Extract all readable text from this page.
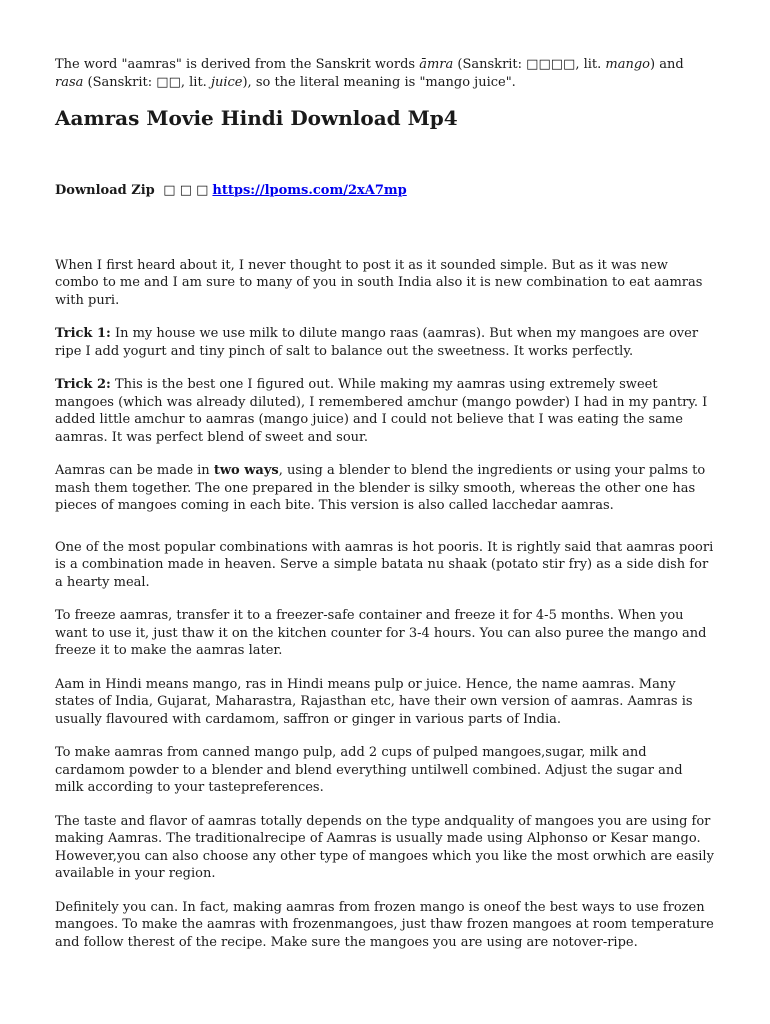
The word "aamras" is derived from the Sanskrit words āmra (Sanskrit: □□□□, lit. mango) and rasa (Sanskrit: □□, lit. juice), so the literal meaning is "mango juice".

Aamras Movie Hindi Download Mp4
Download Zip □ □ □ https://lpoms.com/2xA7mp

When I first heard about it, I never thought to post it as it sounded simple. But as it was new combo to me and I am sure to many of you in south India also it is new combination to eat aamras with puri.

Trick 1: In my house we use milk to dilute mango raas (aamras). But when my mangoes are over ripe I add yogurt and tiny pinch of salt to balance out the sweetness. It works perfectly.

Trick 2: This is the best one I figured out. While making my aamras using extremely sweet mangoes (which was already diluted), I remembered amchur (mango powder) I had in my pantry. I added little amchur to aamras (mango juice) and I could not believe that I was eating the same aamras. It was perfect blend of sweet and sour.

Aamras can be made in two ways, using a blender to blend the ingredients or using your palms to mash them together. The one prepared in the blender is silky smooth, whereas the other one has pieces of mangoes coming in each bite. This version is also called lacchedar aamras.

One of the most popular combinations with aamras is hot pooris. It is rightly said that aamras poori is a combination made in heaven. Serve a simple batata nu shaak (potato stir fry) as a side dish for a hearty meal.

To freeze aamras, transfer it to a freezer-safe container and freeze it for 4-5 months. When you want to use it, just thaw it on the kitchen counter for 3-4 hours. You can also puree the mango and freeze it to make the aamras later.

Aam in Hindi means mango, ras in Hindi means pulp or juice. Hence, the name aamras. Many states of India, Gujarat, Maharastra, Rajasthan etc, have their own version of aamras. Aamras is usually flavoured with cardamom, saffron or ginger in various parts of India.

To make aamras from canned mango pulp, add 2 cups of pulped mangoes,sugar, milk and cardamom powder to a blender and blend everything untilwell combined. Adjust the sugar and milk according to your tastepreferences.

The taste and flavor of aamras totally depends on the type andquality of mangoes you are using for making Aamras. The traditionalrecipe of Aamras is usually made using Alphonso or Kesar mango. However,you can also choose any other type of mangoes which you like the most orwhich are easily available in your region.

Definitely you can. In fact, making aamras from frozen mango is oneof the best ways to use frozen mangoes. To make the aamras with frozenmangoes, just thaw frozen mangoes at room temperature and follow therest of the recipe. Make sure the mangoes you are using are notover-ripe.
